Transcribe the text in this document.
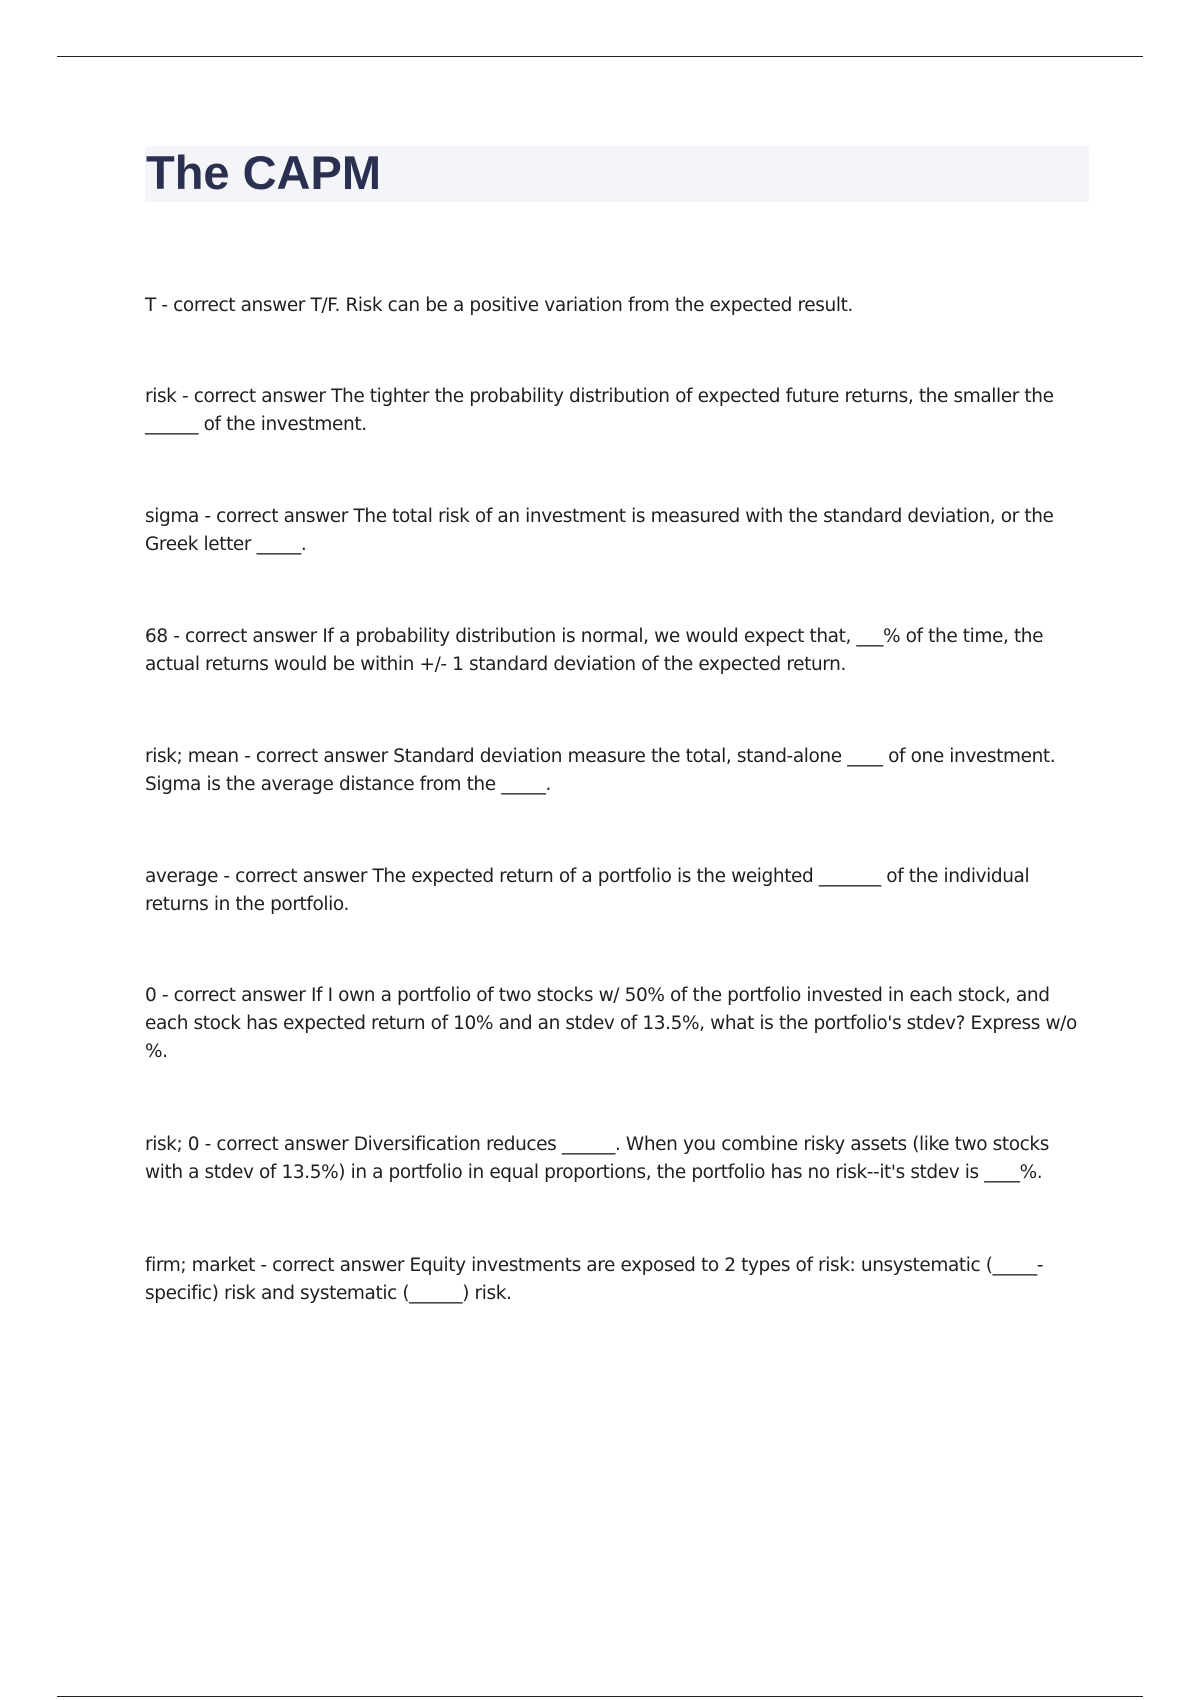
The CAPM

T - correct answer T/F. Risk can be a positive variation from the expected result.

risk - correct answer The tighter the probability distribution of expected future returns, the smaller the ______ of the investment.

sigma - correct answer The total risk of an investment is measured with the standard deviation, or the Greek letter _____.

68 - correct answer If a probability distribution is normal, we would expect that, ___% of the time, the actual returns would be within +/- 1 standard deviation of the expected return.

risk; mean - correct answer Standard deviation measure the total, stand-alone ____ of one investment. Sigma is the average distance from the _____.

average - correct answer The expected return of a portfolio is the weighted _______ of the individual returns in the portfolio.

0 - correct answer If I own a portfolio of two stocks w/ 50% of the portfolio invested in each stock, and each stock has expected return of 10% and an stdev of 13.5%, what is the portfolio's stdev? Express w/o %.

risk; 0 - correct answer Diversification reduces ______. When you combine risky assets (like two stocks with a stdev of 13.5%) in a portfolio in equal proportions, the portfolio has no risk--it's stdev is ____%.

firm; market - correct answer Equity investments are exposed to 2 types of risk: unsystematic (_____-specific) risk and systematic (______) risk.
